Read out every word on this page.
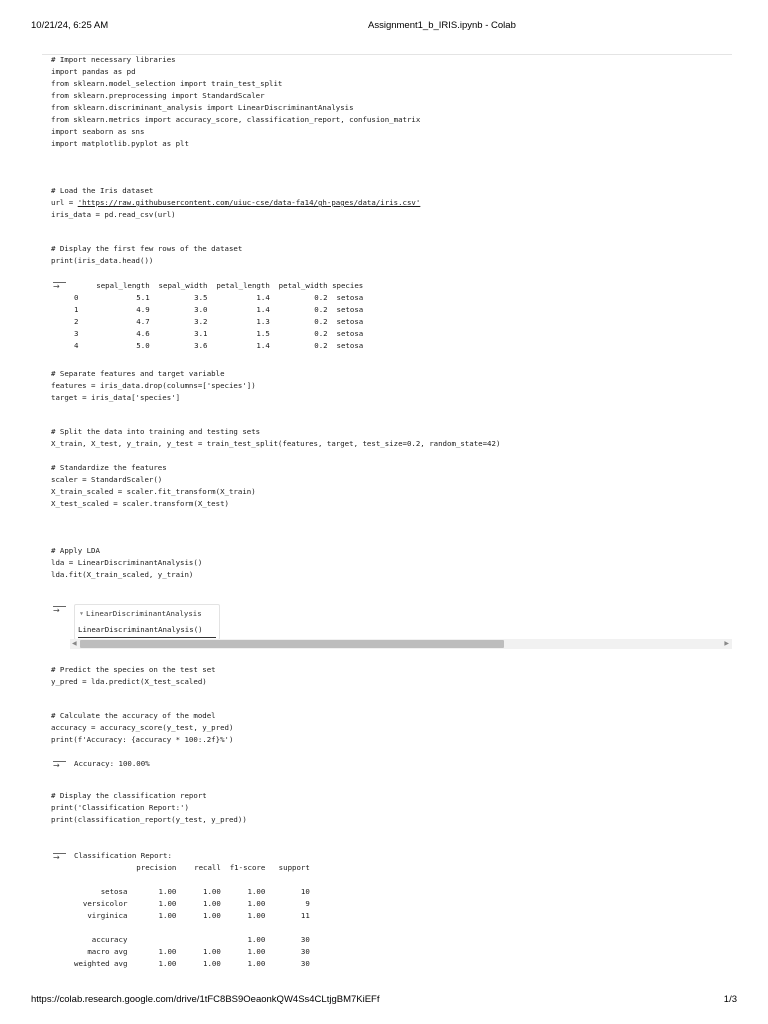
10/21/24, 6:25 AM	Assignment1_b_IRIS.ipynb - Colab
# Import necessary libraries
import pandas as pd
from sklearn.model_selection import train_test_split
from sklearn.preprocessing import StandardScaler
from sklearn.discriminant_analysis import LinearDiscriminantAnalysis
from sklearn.metrics import accuracy_score, classification_report, confusion_matrix
import seaborn as sns
import matplotlib.pyplot as plt
# Load the Iris dataset
url = 'https://raw.githubusercontent.com/uiuc-cse/data-fa14/gh-pages/data/iris.csv'
iris_data = pd.read_csv(url)
# Display the first few rows of the dataset
print(iris_data.head())
→	sepal_length  sepal_width  petal_length  petal_width species
0             5.1          3.5           1.4          0.2  setosa
1             4.9          3.0           1.4          0.2  setosa
2             4.7          3.2           1.3          0.2  setosa
3             4.6          3.1           1.5          0.2  setosa
4             5.0          3.6           1.4          0.2  setosa
# Separate features and target variable
features = iris_data.drop(columns=['species'])
target = iris_data['species']
# Split the data into training and testing sets
X_train, X_test, y_train, y_test = train_test_split(features, target, test_size=0.2, random_state=42)
# Standardize the features
scaler = StandardScaler()
X_train_scaled = scaler.fit_transform(X_train)
X_test_scaled = scaler.transform(X_test)
# Apply LDA
lda = LinearDiscriminantAnalysis()
lda.fit(X_train_scaled, y_train)
→	▼ LinearDiscriminantAnalysis
LinearDiscriminantAnalysis()
◀	▶
# Predict the species on the test set
y_pred = lda.predict(X_test_scaled)
# Calculate the accuracy of the model
accuracy = accuracy_score(y_test, y_pred)
print(f'Accuracy: {accuracy * 100:.2f}%')
→	Accuracy: 100.00%
# Display the classification report
print('Classification Report:')
print(classification_report(y_test, y_pred))
→	Classification Report:
precision    recall  f1-score   support

setosa       1.00      1.00      1.00        10
versicolor       1.00      1.00      1.00         9
virginica       1.00      1.00      1.00        11

accuracy                           1.00        30
macro avg       1.00      1.00      1.00        30
weighted avg       1.00      1.00      1.00        30
https://colab.research.google.com/drive/1tFC8BS9OeaonkQW4Ss4CLtjgBM7KiEFf	1/3
